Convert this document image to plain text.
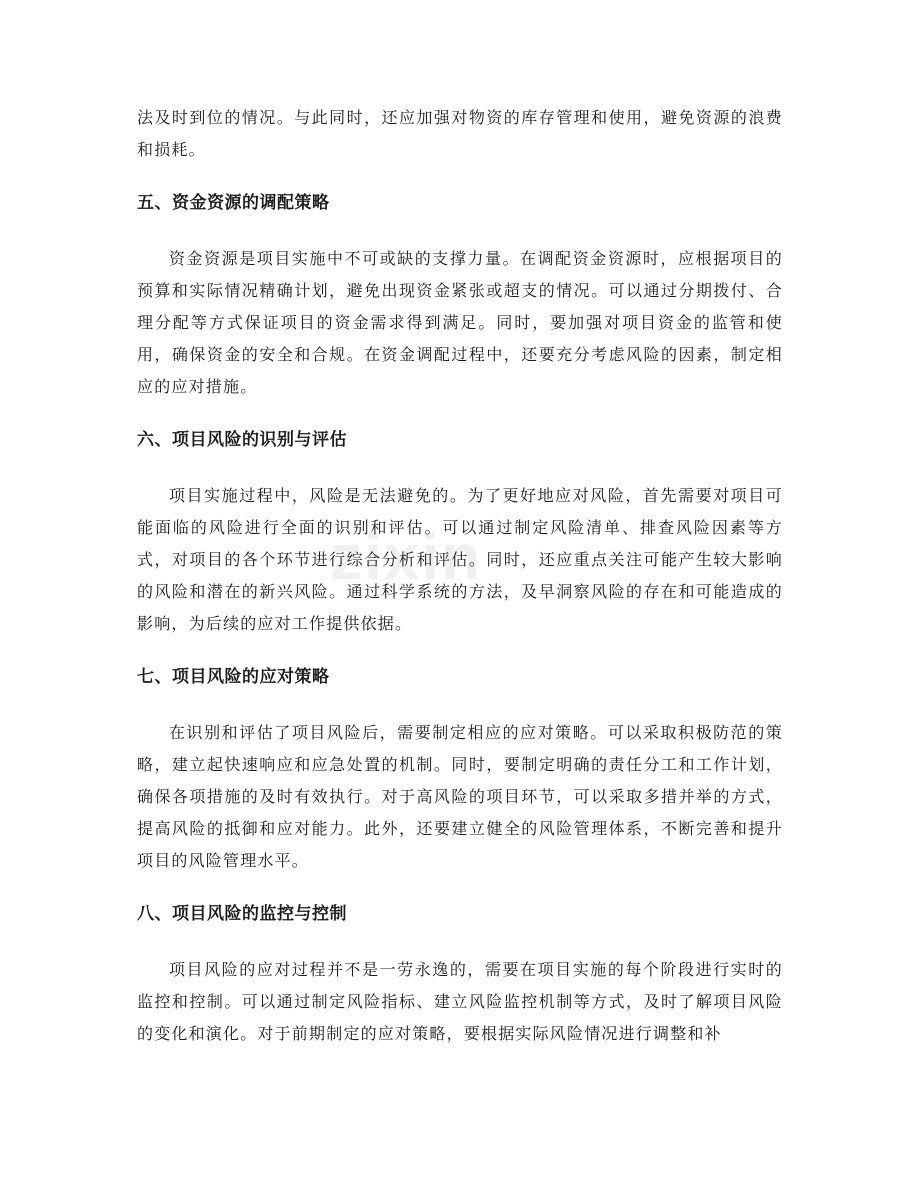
zixin

法及时到位的情况。与此同时，还应加强对物资的库存管理和使用，避免资源的浪费和损耗。

五、资金资源的调配策略

资金资源是项目实施中不可或缺的支撑力量。在调配资金资源时，应根据项目的预算和实际情况精确计划，避免出现资金紧张或超支的情况。可以通过分期拨付、合理分配等方式保证项目的资金需求得到满足。同时，要加强对项目资金的监管和使用，确保资金的安全和合规。在资金调配过程中，还要充分考虑风险的因素，制定相应的应对措施。

六、项目风险的识别与评估

项目实施过程中，风险是无法避免的。为了更好地应对风险，首先需要对项目可能面临的风险进行全面的识别和评估。可以通过制定风险清单、排查风险因素等方式，对项目的各个环节进行综合分析和评估。同时，还应重点关注可能产生较大影响的风险和潜在的新兴风险。通过科学系统的方法，及早洞察风险的存在和可能造成的影响，为后续的应对工作提供依据。

七、项目风险的应对策略

在识别和评估了项目风险后，需要制定相应的应对策略。可以采取积极防范的策略，建立起快速响应和应急处置的机制。同时，要制定明确的责任分工和工作计划，确保各项措施的及时有效执行。对于高风险的项目环节，可以采取多措并举的方式，提高风险的抵御和应对能力。此外，还要建立健全的风险管理体系，不断完善和提升项目的风险管理水平。

八、项目风险的监控与控制

项目风险的应对过程并不是一劳永逸的，需要在项目实施的每个阶段进行实时的监控和控制。可以通过制定风险指标、建立风险监控机制等方式，及时了解项目风险的变化和演化。对于前期制定的应对策略，要根据实际风险情况进行调整和补
